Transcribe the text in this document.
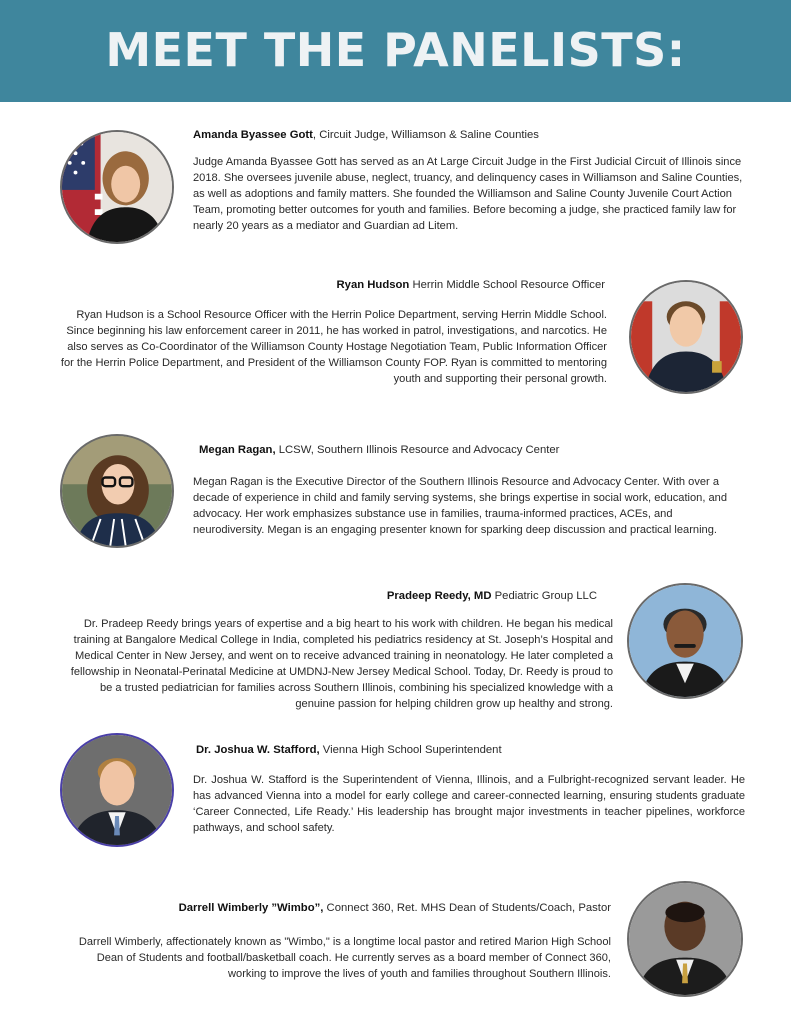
MEET THE PANELISTS:
Amanda Byassee Gott, Circuit Judge, Williamson & Saline Counties
Judge Amanda Byassee Gott has served as an At Large Circuit Judge in the First Judicial Circuit of Illinois since 2018. She oversees juvenile abuse, neglect, truancy, and delinquency cases in Williamson and Saline Counties, as well as adoptions and family matters. She founded the Williamson and Saline County Juvenile Court Action Team, promoting better outcomes for youth and families. Before becoming a judge, she practiced family law for nearly 20 years as a mediator and Guardian ad Litem.
Ryan Hudson Herrin Middle School Resource Officer
Ryan Hudson is a School Resource Officer with the Herrin Police Department, serving Herrin Middle School. Since beginning his law enforcement career in 2011, he has worked in patrol, investigations, and narcotics. He also serves as Co-Coordinator of the Williamson County Hostage Negotiation Team, Public Information Officer for the Herrin Police Department, and President of the Williamson County FOP. Ryan is committed to mentoring youth and supporting their personal growth.
Megan Ragan, LCSW, Southern Illinois Resource and Advocacy Center
Megan Ragan is the Executive Director of the Southern Illinois Resource and Advocacy Center. With over a decade of experience in child and family serving systems, she brings expertise in social work, education, and advocacy. Her work emphasizes substance use in families, trauma-informed practices, ACEs, and neurodiversity. Megan is an engaging presenter known for sparking deep discussion and practical learning.
Pradeep Reedy, MD Pediatric Group LLC
Dr. Pradeep Reedy brings years of expertise and a big heart to his work with children. He began his medical training at Bangalore Medical College in India, completed his pediatrics residency at St. Joseph’s Hospital and Medical Center in New Jersey, and went on to receive advanced training in neonatology. He later completed a fellowship in Neonatal-Perinatal Medicine at UMDNJ-New Jersey Medical School. Today, Dr. Reedy is proud to be a trusted pediatrician for families across Southern Illinois, combining his specialized knowledge with a genuine passion for helping children grow up healthy and strong.
Dr. Joshua W. Stafford, Vienna High School Superintendent
Dr. Joshua W. Stafford is the Superintendent of Vienna, Illinois, and a Fulbright-recognized servant leader. He has advanced Vienna into a model for early college and career-connected learning, ensuring students graduate ‘Career Connected, Life Ready.’ His leadership has brought major investments in teacher pipelines, workforce pathways, and school safety.
Darrell Wimberly ”Wimbo”, Connect 360, Ret. MHS Dean of Students/Coach, Pastor
Darrell Wimberly, affectionately known as "Wimbo," is a longtime local pastor and retired Marion High School Dean of Students and football/basketball coach. He currently serves as a board member of Connect 360, working to improve the lives of youth and families throughout Southern Illinois.
